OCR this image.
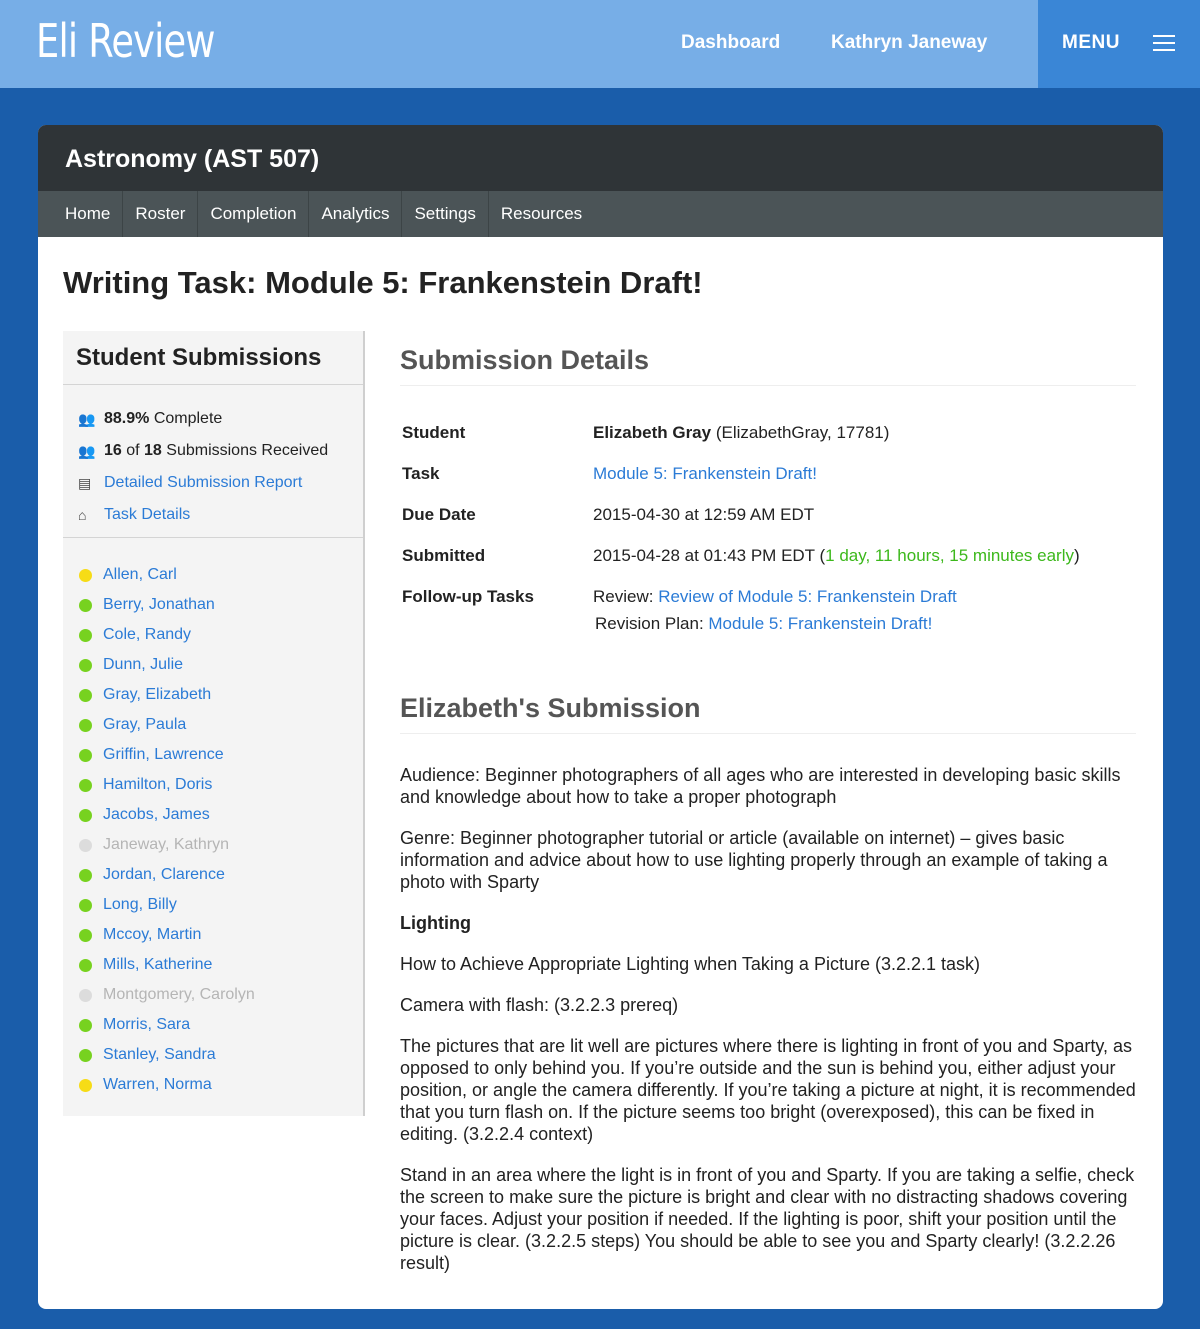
Eli Review	Dashboard	Kathryn Janeway	MENU
Astronomy (AST 507)
Home	Roster	Completion	Analytics	Settings	Resources
Writing Task: Module 5: Frankenstein Draft!
Student Submissions
👥 88.9% Complete
👥 16 of 18 Submissions Received
▤ Detailed Submission Report
⌂	Task Details
Allen, Carl
Berry, Jonathan
Cole, Randy
Dunn, Julie
Gray, Elizabeth
Gray, Paula
Griffin, Lawrence
Hamilton, Doris
Jacobs, James
Janeway, Kathryn
Jordan, Clarence
Long, Billy
Mccoy, Martin
Mills, Katherine
Montgomery, Carolyn
Morris, Sara
Stanley, Sandra
Warren, Norma
Submission Details
Student	Elizabeth Gray (ElizabethGray, 17781)
Task	Module 5: Frankenstein Draft!
Due Date	2015-04-30 at 12:59 AM EDT
Submitted	2015-04-28 at 01:43 PM EDT (1 day, 11 hours, 15 minutes early)
Follow-up Tasks	Review: Review of Module 5: Frankenstein Draft
Revision Plan: Module 5: Frankenstein Draft!
Elizabeth's Submission

Audience: Beginner photographers of all ages who are interested in developing basic skills and knowledge about how to take a proper photograph

Genre: Beginner photographer tutorial or article (available on internet) – gives basic information and advice about how to use lighting properly through an example of taking a photo with Sparty

Lighting

How to Achieve Appropriate Lighting when Taking a Picture (3.2.2.1 task)

Camera with flash: (3.2.2.3 prereq)

The pictures that are lit well are pictures where there is lighting in front of you and Sparty, as opposed to only behind you. If you’re outside and the sun is behind you, either adjust your position, or angle the camera differently. If you’re taking a picture at night, it is recommended that you turn flash on. If the picture seems too bright (overexposed), this can be fixed in editing. (3.2.2.4 context)

Stand in an area where the light is in front of you and Sparty. If you are taking a selfie, check the screen to make sure the picture is bright and clear with no distracting shadows covering your faces. Adjust your position if needed. If the lighting is poor, shift your position until the picture is clear. (3.2.2.5 steps) You should be able to see you and Sparty clearly! (3.2.2.26 result)
